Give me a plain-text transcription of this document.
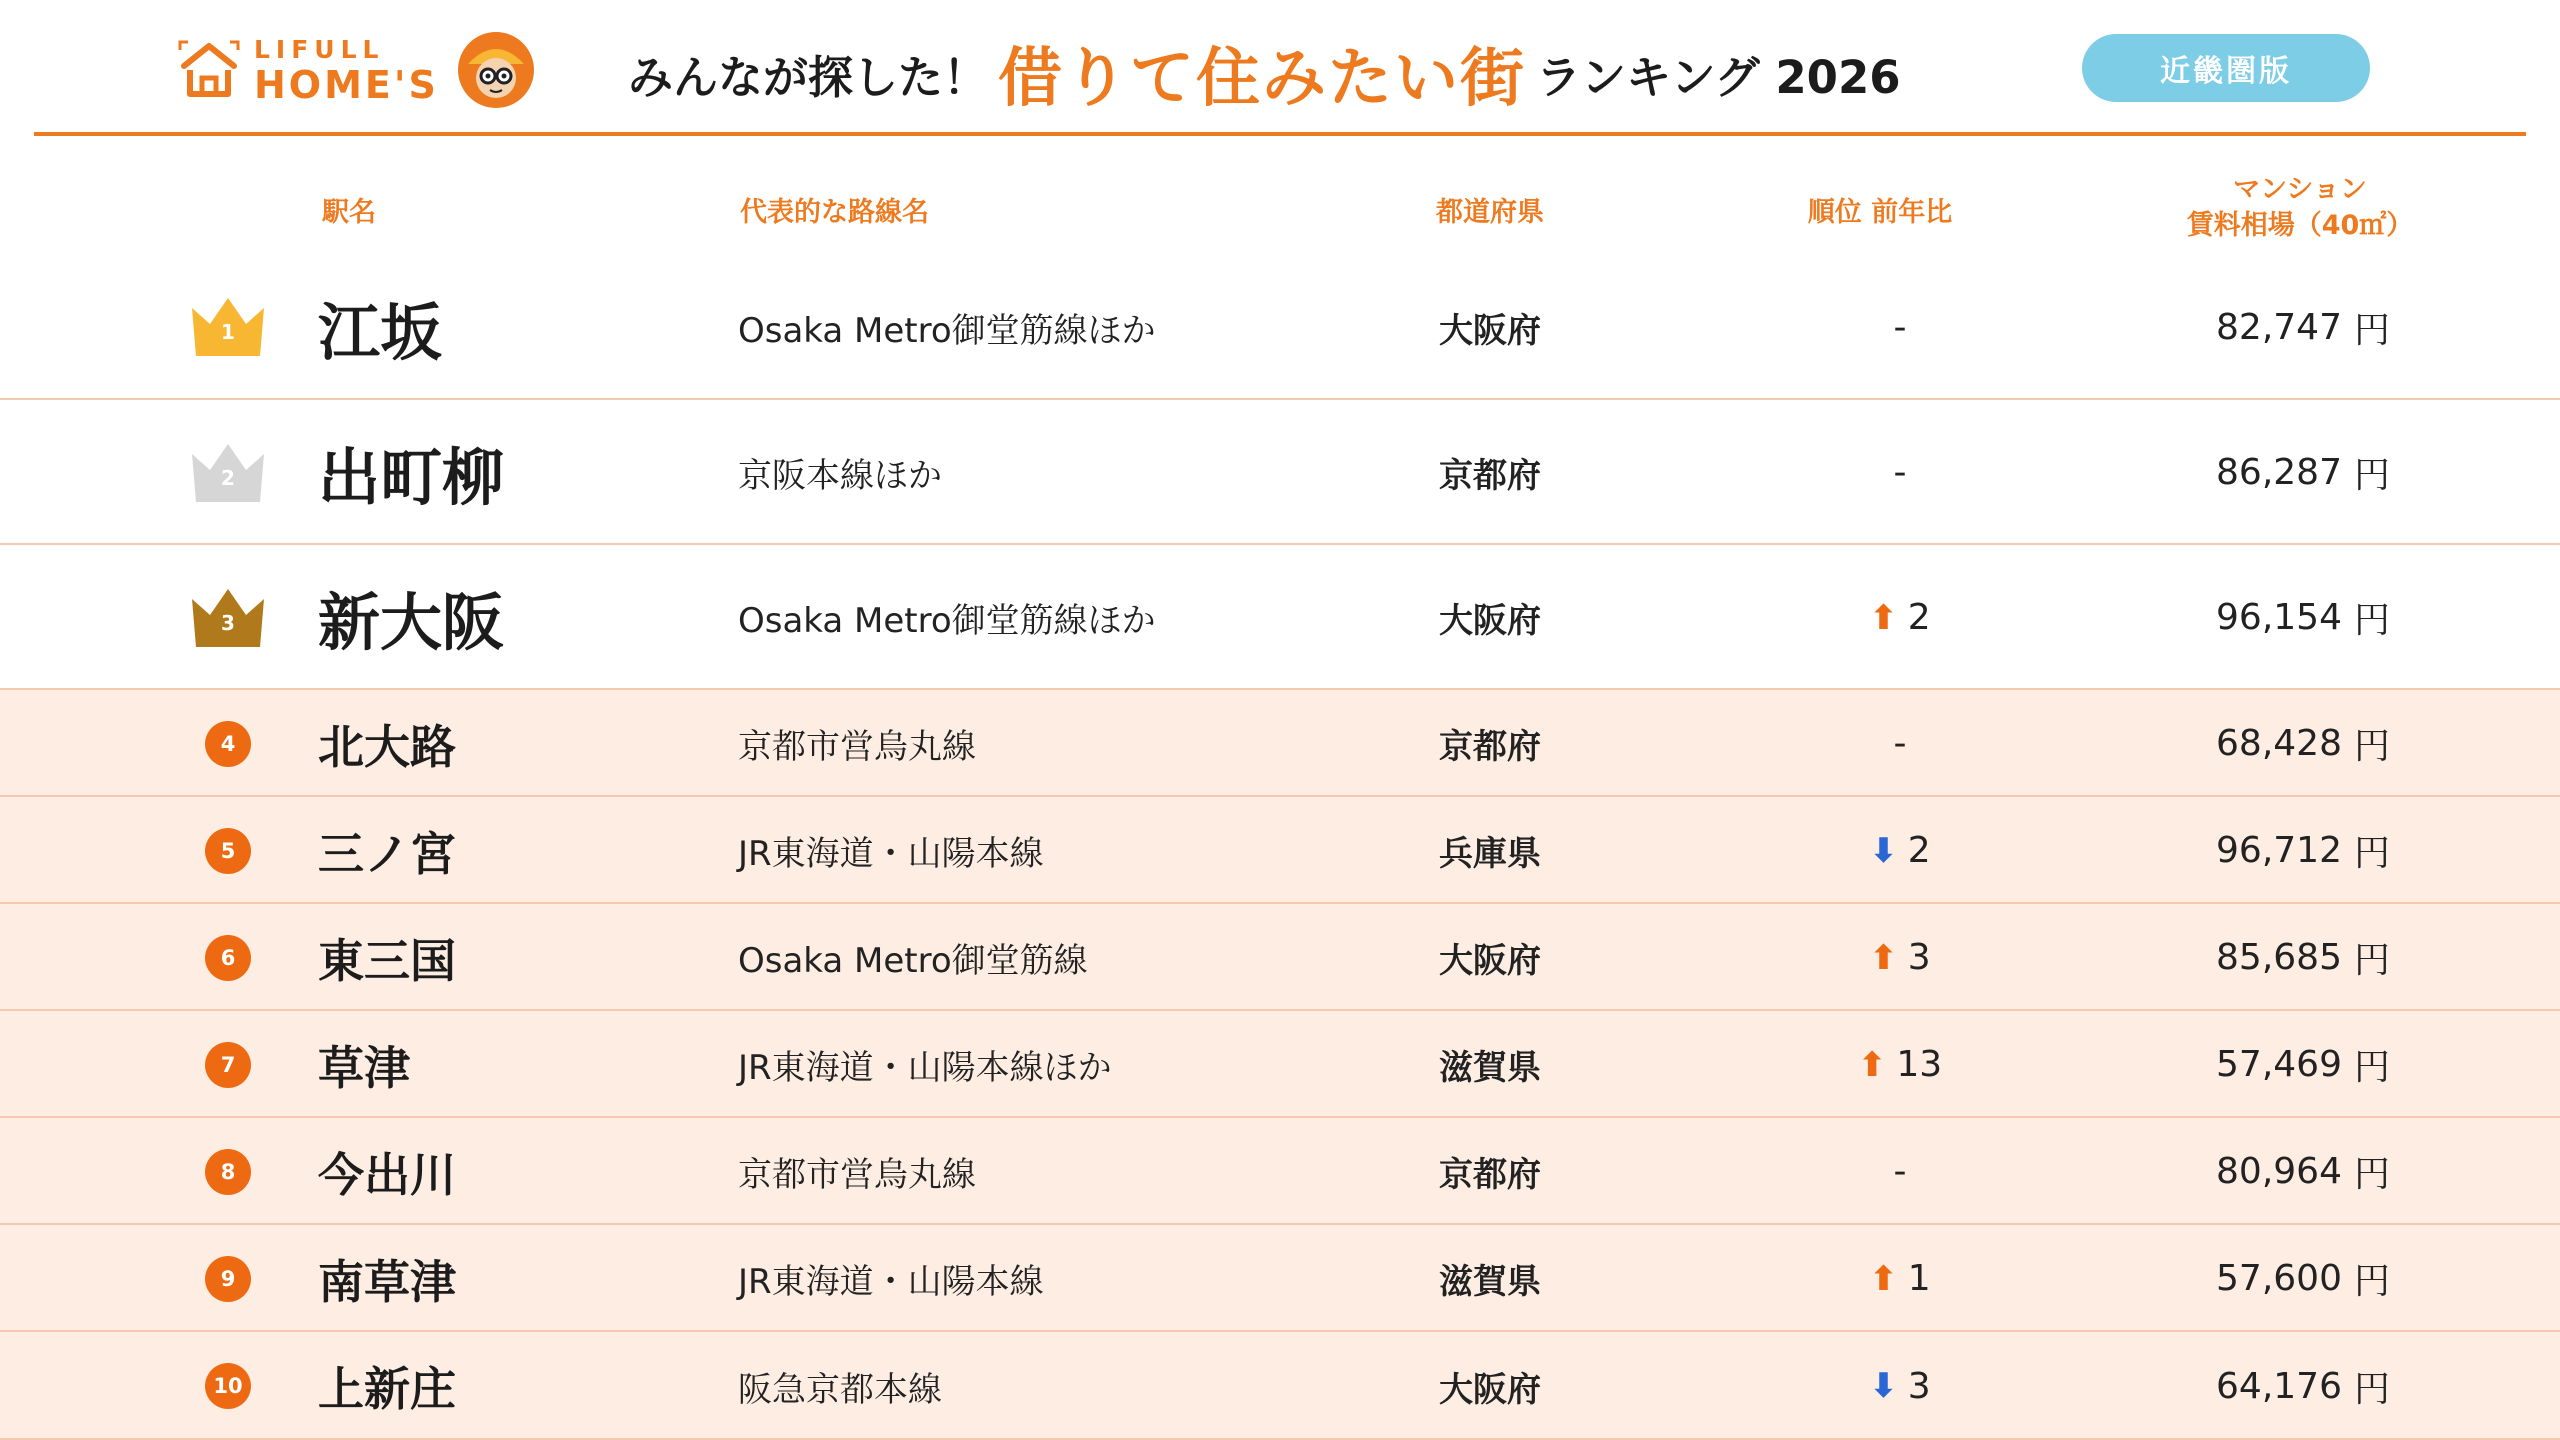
LIFULL
HOME'S	みんなが探した！ 借りて住みたい街 ランキング 2026	近畿圏版
駅名	代表的な路線名	都道府県	順位 前年比
マンション
賃料相場（40㎡）
1	江坂	Osaka Metro御堂筋線ほか	大阪府	-	82,747 円
2	出町柳	京阪本線ほか	京都府	-	86,287 円
3	新大阪	Osaka Metro御堂筋線ほか	大阪府	⬆ 2	96,154 円
4	北大路	京都市営烏丸線	京都府	-	68,428 円
5	三ノ宮	JR東海道・山陽本線	兵庫県	⬇ 2	96,712 円
6	東三国	Osaka Metro御堂筋線	大阪府	⬆ 3	85,685 円
7	草津	JR東海道・山陽本線ほか	滋賀県	⬆ 13	57,469 円
8	今出川	京都市営烏丸線	京都府	-	80,964 円
9	南草津	JR東海道・山陽本線	滋賀県	⬆ 1	57,600 円
10 上新庄	阪急京都本線	大阪府	⬇ 3	64,176 円
